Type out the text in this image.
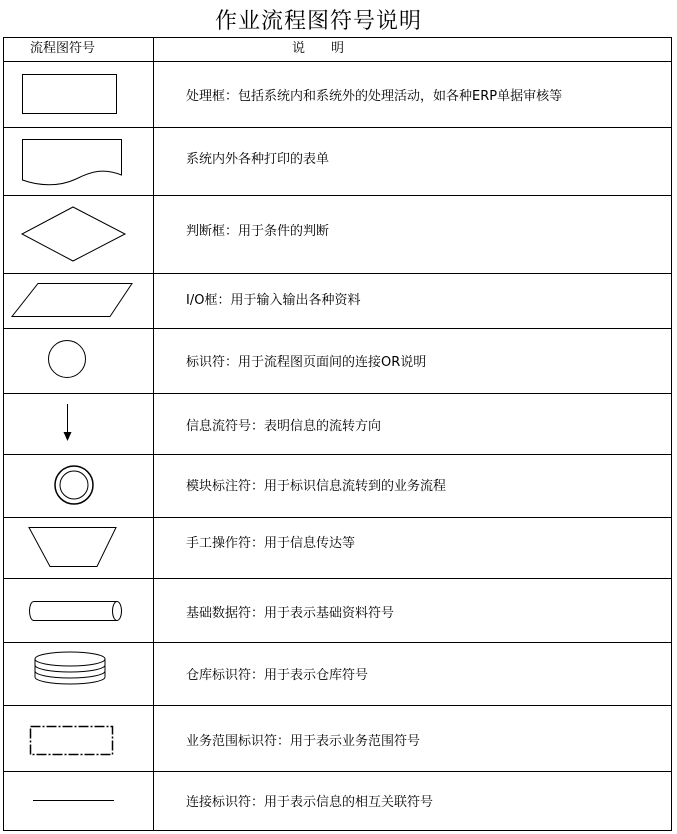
作业流程图符号说明
流程图符号	说　　明
处理框：包括系统内和系统外的处理活动，如各种ERP单据审核等
系统内外各种打印的表单
判断框：用于条件的判断
I/O框：用于输入输出各种资料
标识符：用于流程图页面间的连接OR说明
信息流符号：表明信息的流转方向
模块标注符：用于标识信息流转到的业务流程
手工操作符：用于信息传达等
基础数据符：用于表示基础资料符号
仓库标识符：用于表示仓库符号
业务范围标识符：用于表示业务范围符号
连接标识符：用于表示信息的相互关联符号
